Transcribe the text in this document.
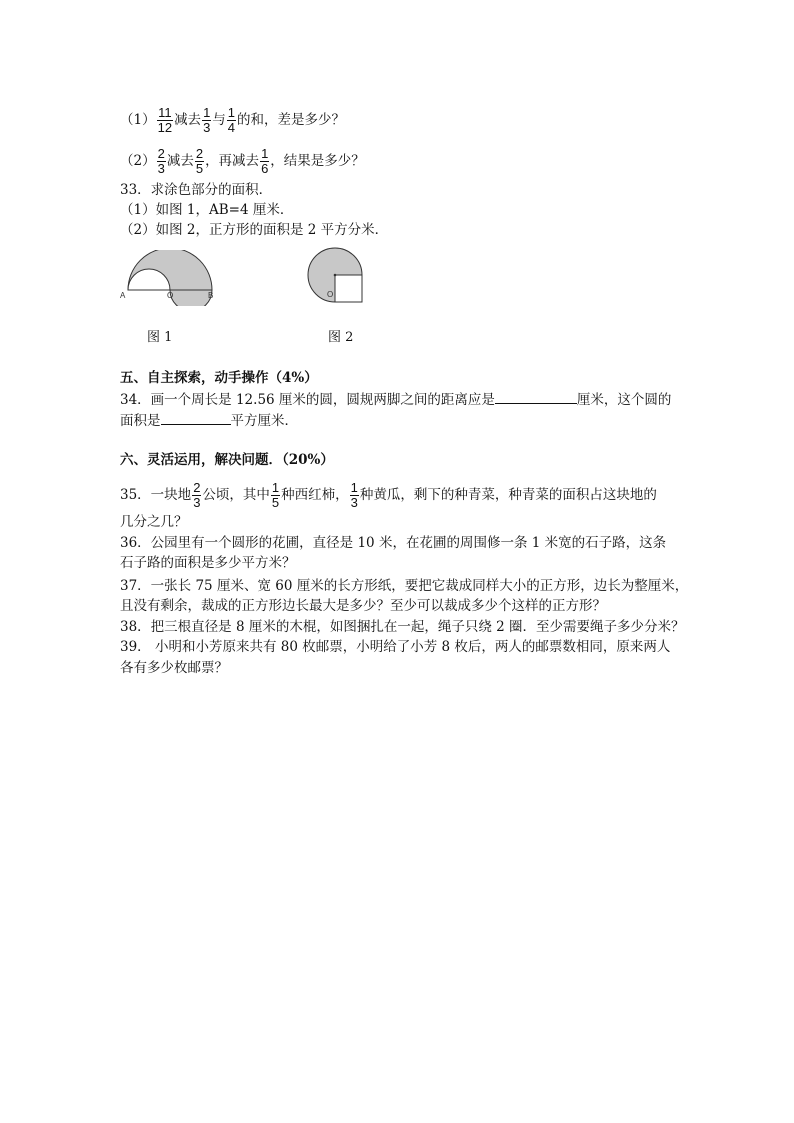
$(1) \frac{11}{12}$ 减去 $\frac{1}{3}$ 与 $\frac{1}{4}$ 的和，差是多少？
$(2) \frac{2}{3}$ 减去 $\frac{2}{5}$ ，再减去 $\frac{1}{6}$ ，结果是多少？
33．求涂色部分的面积．
（1）如图 1，AB=4 厘米．
（2）如图 2，正方形的面积是 2 平方分米．
A	O	B
图 1
O
图 2
五、自主探索，动手操作（4%）
34．画一个周长是 12.56 厘米的圆，圆规两脚之间的距离应是	厘米，这个圆的
面积是	平方厘米．
六、灵活运用，解决问题．（20%）
35．一块地 $\frac{2}{3}$ 公顷，其中 $\frac{1}{5}$ 种西红柿， $\frac{1}{3}$ 种黄瓜，剩下的种青菜，种青菜的面积占这块地的
几分之几？
36．公园里有一个圆形的花圃，直径是 10 米，在花圃的周围修一条 1 米宽的石子路，这条
石子路的面积是多少平方米？
37．一张长 75 厘米、宽 60 厘米的长方形纸，要把它裁成同样大小的正方形，边长为整厘米，
且没有剩余，裁成的正方形边长最大是多少？至少可以裁成多少个这样的正方形？
38．把三根直径是 8 厘米的木棍，如图捆扎在一起，绳子只绕 2 圈．至少需要绳子多少分米？
39． 小明和小芳原来共有 80 枚邮票，小明给了小芳 8 枚后，两人的邮票数相同，原来两人
各有多少枚邮票？
